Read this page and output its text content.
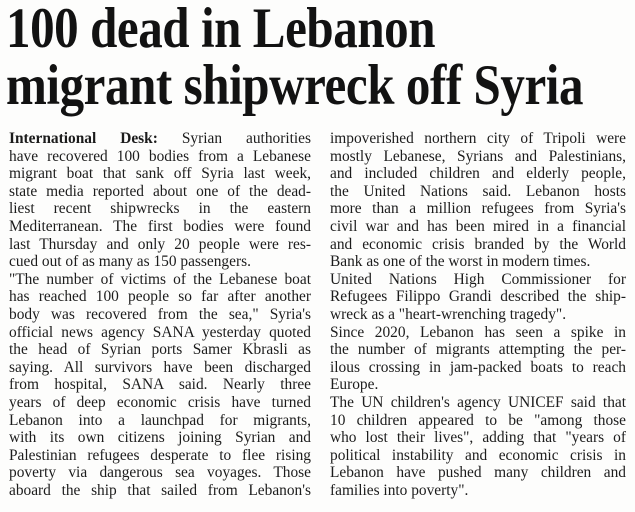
100 dead in Lebanon
migrant shipwreck off Syria
International Desk: Syrian authorities
have recovered 100 bodies from a Lebanese
migrant boat that sank off Syria last week,
state media reported about one of the dead-
liest recent shipwrecks in the eastern
Mediterranean. The first bodies were found
last Thursday and only 20 people were res-
cued out of as many as 150 passengers.
"The number of victims of the Lebanese boat
has reached 100 people so far after another
body was recovered from the sea," Syria's
official news agency SANA yesterday quoted
the head of Syrian ports Samer Kbrasli as
saying. All survivors have been discharged
from hospital, SANA said. Nearly three
years of deep economic crisis have turned
Lebanon into a launchpad for migrants,
with its own citizens joining Syrian and
Palestinian refugees desperate to flee rising
poverty via dangerous sea voyages. Those
aboard the ship that sailed from Lebanon's
impoverished northern city of Tripoli were
mostly Lebanese, Syrians and Palestinians,
and included children and elderly people,
the United Nations said. Lebanon hosts
more than a million refugees from Syria's
civil war and has been mired in a financial
and economic crisis branded by the World
Bank as one of the worst in modern times.
United Nations High Commissioner for
Refugees Filippo Grandi described the ship-
wreck as a "heart-wrenching tragedy".
Since 2020, Lebanon has seen a spike in
the number of migrants attempting the per-
ilous crossing in jam-packed boats to reach
Europe.
The UN children's agency UNICEF said that
10 children appeared to be "among those
who lost their lives", adding that "years of
political instability and economic crisis in
Lebanon have pushed many children and
families into poverty".
